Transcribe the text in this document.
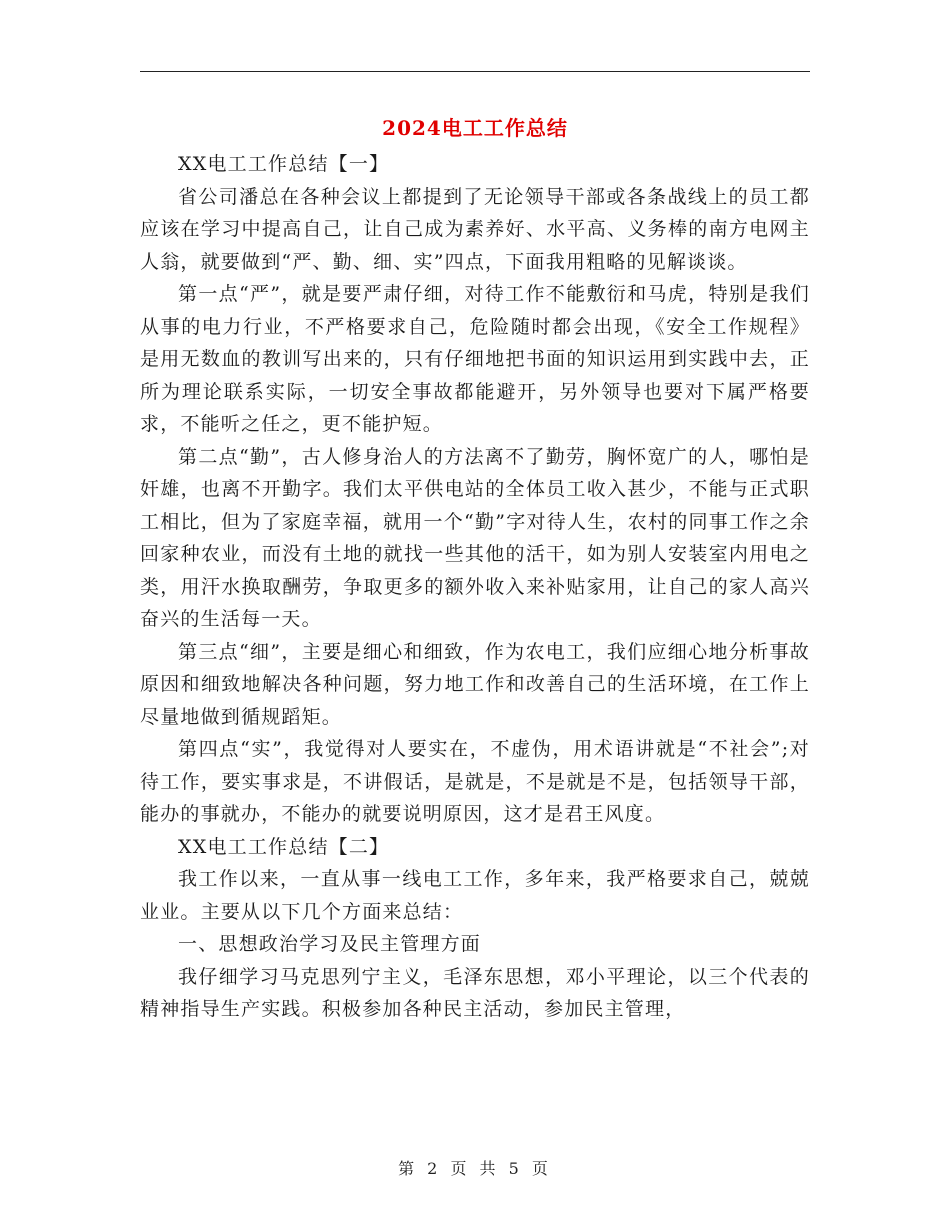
2024电工工作总结

XX电工工作总结【一】

省公司潘总在各种会议上都提到了无论领导干部或各条战线上的员工都应该在学习中提高自己，让自己成为素养好、水平高、义务棒的南方电网主人翁，就要做到“严、勤、细、实”四点，下面我用粗略的见解谈谈。

第一点“严”，就是要严肃仔细，对待工作不能敷衍和马虎，特别是我们从事的电力行业，不严格要求自己，危险随时都会出现，《安全工作规程》是用无数血的教训写出来的，只有仔细地把书面的知识运用到实践中去，正所为理论联系实际，一切安全事故都能避开，另外领导也要对下属严格要求，不能听之任之，更不能护短。

第二点“勤”，古人修身治人的方法离不了勤劳，胸怀宽广的人，哪怕是奸雄，也离不开勤字。我们太平供电站的全体员工收入甚少，不能与正式职工相比，但为了家庭幸福，就用一个“勤”字对待人生，农村的同事工作之余回家种农业，而没有土地的就找一些其他的活干，如为别人安装室内用电之类，用汗水换取酬劳，争取更多的额外收入来补贴家用，让自己的家人高兴奋兴的生活每一天。

第三点“细”，主要是细心和细致，作为农电工，我们应细心地分析事故原因和细致地解决各种问题，努力地工作和改善自己的生活环境，在工作上尽量地做到循规蹈矩。

第四点“实”，我觉得对人要实在，不虚伪，用术语讲就是“不社会”;对待工作，要实事求是，不讲假话，是就是，不是就是不是，包括领导干部，能办的事就办，不能办的就要说明原因，这才是君王风度。

XX电工工作总结【二】

我工作以来，一直从事一线电工工作，多年来，我严格要求自己，兢兢业业。主要从以下几个方面来总结：

一、思想政治学习及民主管理方面

我仔细学习马克思列宁主义，毛泽东思想，邓小平理论，以三个代表的精神指导生产实践。积极参加各种民主活动，参加民主管理，

第 2 页 共 5 页
